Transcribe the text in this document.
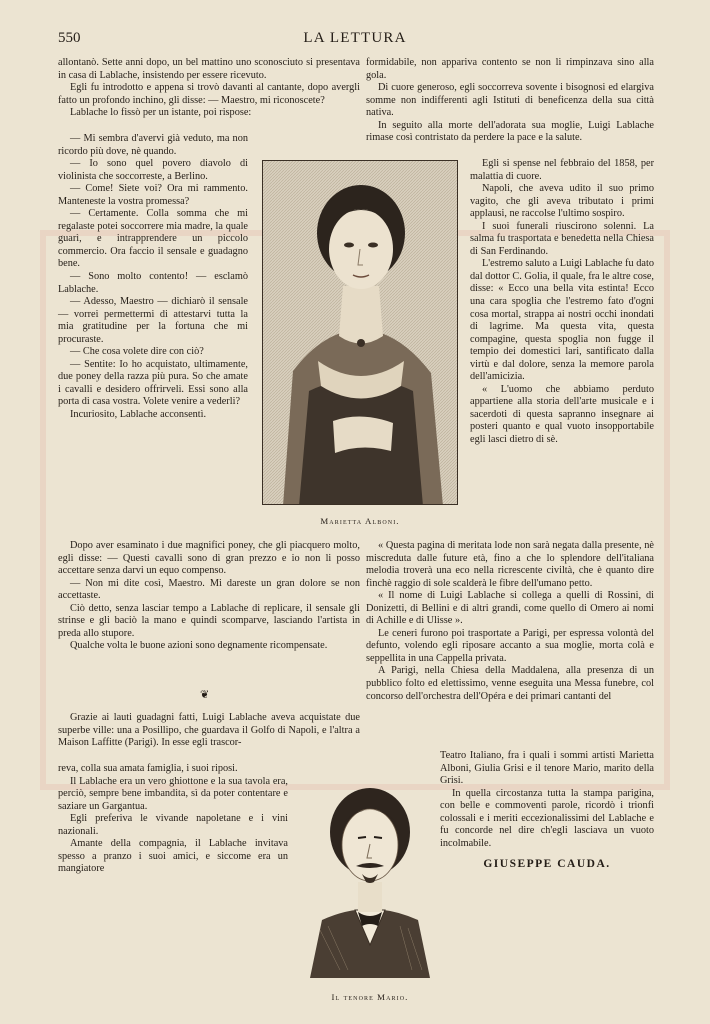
550	LA LETTURA

allontanò. Sette anni dopo, un bel mattino uno sconosciuto si presentava in casa di Lablache, insistendo per essere ricevuto.

Egli fu introdotto e appena si trovò davanti al cantante, dopo avergli fatto un profondo inchino, gli disse: — Maestro, mi riconoscete?

Lablache lo fissò per un istante, poi rispose:

— Mi sembra d'avervi già veduto, ma non ricordo più dove, nè quando.

— Io sono quel povero diavolo di violinista che soccorreste, a Berlino.

— Come! Siete voi? Ora mi rammento. Manteneste la vostra promessa?

— Certamente. Colla somma che mi regalaste potei soccorrere mia madre, la quale guarì, e intrapprendere un piccolo commercio. Ora faccio il sensale e guadagno bene.

— Sono molto contento! — esclamò Lablache.

— Adesso, Maestro — dichiarò il sensale — vorrei permettermi di attestarvi tutta la mia gratitudine per la fortuna che mi procuraste.

— Che cosa volete dire con ciò?

— Sentite: Io ho acquistato, ultimamente, due poney della razza più pura. So che amate i cavalli e desidero offrirveli. Essi sono alla porta di casa vostra. Volete venire a vederli?

Incuriosito, Lablache acconsentì.

Marietta Alboni.

formidabile, non appariva contento se non li rimpinzava sino alla gola.

Di cuore generoso, egli soccorreva sovente i bisognosi ed elargiva somme non indifferenti agli Istituti di beneficenza della sua città nativa.

In seguito alla morte dell'adorata sua moglie, Luigi Lablache rimase così contristato da perdere la pace e la salute.

Egli si spense nel febbraio del 1858, per malattia di cuore.

Napoli, che aveva udito il suo primo vagito, che gli aveva tributato i primi applausi, ne raccolse l'ultimo sospiro.

I suoi funerali riuscirono solenni. La salma fu trasportata e benedetta nella Chiesa di San Ferdinando.

L'estremo saluto a Luigi Lablache fu dato dal dottor C. Golia, il quale, fra le altre cose, disse: « Ecco una bella vita estinta! Ecco una cara spoglia che l'estremo fato d'ogni cosa mortal, strappa ai nostri occhi inondati di lagrime. Ma questa vita, questa compagine, questa spoglia non fugge il tempio dei domestici lari, santificato dalla virtù e dal dolore, senza la memore parola dell'amicizia.

« L'uomo che abbiamo perduto appartiene alla storia dell'arte musicale e i sacerdoti di questa sapranno insegnare ai posteri quanto e qual vuoto insopportabile egli lasci dietro di sè.

Dopo aver esaminato i due magnifici poney, che gli piacquero molto, egli disse: — Questi cavalli sono di gran prezzo e io non li posso accettare senza darvi un equo compenso.

— Non mi dite così, Maestro. Mi dareste un gran dolore se non accettaste.

Ciò detto, senza lasciar tempo a Lablache di replicare, il sensale gli strinse e gli baciò la mano e quindi scomparve, lasciando l'artista in preda allo stupore.

Qualche volta le buone azioni sono degnamente ricompensate.

❦

Grazie ai lauti guadagni fatti, Luigi Lablache aveva acquistate due superbe ville: una a Posillipo, che guardava il Golfo di Napoli, e l'altra a Maison Laffitte (Parigi). In esse egli trascor-

reva, colla sua amata famiglia, i suoi riposi.

Il Lablache era un vero ghiottone e la sua tavola era, perciò, sempre bene imbandita, sì da poter contentare e saziare un Gargantua.

Egli preferiva le vivande napoletane e i vini nazionali.

Amante della compagnia, il Lablache invitava spesso a pranzo i suoi amici, e siccome era un mangiatore

« Questa pagina di meritata lode non sarà negata dalla presente, nè miscreduta dalle future età, fino a che lo splendore dell'italiana melodia troverà una eco nella ricrescente civiltà, che è quanto dire finchè raggio di sole scalderà le fibre dell'umano petto.

« Il nome di Luigi Lablache si collega a quelli di Rossini, di Donizetti, di Bellini e di altri grandi, come quello di Omero ai nomi di Achille e di Ulisse ».

Le ceneri furono poi trasportate a Parigi, per espressa volontà del defunto, volendo egli riposare accanto a sua moglie, morta colà e seppellita in una Cappella privata.

A Parigi, nella Chiesa della Maddalena, alla presenza di un pubblico folto ed elettissimo, venne eseguita una Messa funebre, col concorso dell'orchestra dell'Opéra e dei primari cantanti del

Teatro Italiano, fra i quali i sommi artisti Marietta Alboni, Giulia Grisi e il tenore Mario, marito della Grisi.

In quella circostanza tutta la stampa parigina, con belle e commoventi parole, ricordò i trionfi colossali e i meriti eccezionalissimi del Lablache e fu concorde nel dire ch'egli lasciava un vuoto incolmabile.

GIUSEPPE CAUDA.

Il tenore Mario.
